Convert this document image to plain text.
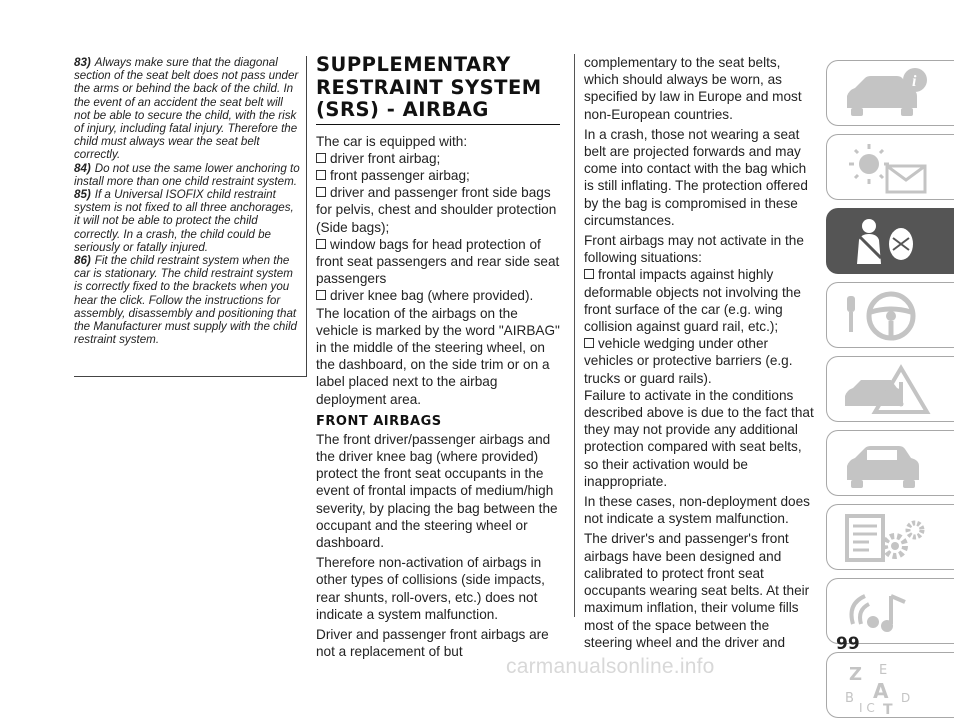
83) Always make sure that the diagonal section of the seat belt does not pass under the arms or behind the back of the child. In the event of an accident the seat belt will not be able to secure the child, with the risk of injury, including fatal injury. Therefore the child must always wear the seat belt correctly.

84) Do not use the same lower anchoring to install more than one child restraint system.

85) If a Universal ISOFIX child restraint system is not fixed to all three anchorages, it will not be able to protect the child correctly. In a crash, the child could be seriously or fatally injured.

86) Fit the child restraint system when the car is stationary. The child restraint system is correctly fixed to the brackets when you hear the click. Follow the instructions for assembly, disassembly and positioning that the Manufacturer must supply with the child restraint system.

SUPPLEMENTARY
RESTRAINT SYSTEM
(SRS) - AIRBAG

The car is equipped with:

driver front airbag;
front passenger airbag;
driver and passenger front side bags for pelvis, chest and shoulder protection (Side bags);
window bags for head protection of front seat passengers and rear side seat passengers
driver knee bag (where provided).

The location of the airbags on the vehicle is marked by the word "AIRBAG" in the middle of the steering wheel, on the dashboard, on the side trim or on a label placed next to the airbag deployment area.

FRONT AIRBAGS

The front driver/passenger airbags and the driver knee bag (where provided) protect the front seat occupants in the event of frontal impacts of medium/high severity, by placing the bag between the occupant and the steering wheel or dashboard.

Therefore non-activation of airbags in other types of collisions (side impacts, rear shunts, roll-overs, etc.) does not indicate a system malfunction.

Driver and passenger front airbags are not a replacement of but

complementary to the seat belts, which should always be worn, as specified by law in Europe and most non-European countries.

In a crash, those not wearing a seat belt are projected forwards and may come into contact with the bag which is still inflating. The protection offered by the bag is compromised in these circumstances.

Front airbags may not activate in the following situations:

frontal impacts against highly deformable objects not involving the front surface of the car (e.g. wing collision against guard rail, etc.);
vehicle wedging under other vehicles or protective barriers (e.g. trucks or guard rails).

Failure to activate in the conditions described above is due to the fact that they may not provide any additional protection compared with seat belts, so their activation would be inappropriate.

In these cases, non-deployment does not indicate a system malfunction.

The driver's and passenger's front airbags have been designed and calibrated to protect front seat occupants wearing seat belts. At their maximum inflation, their volume fills most of the space between the steering wheel and the driver and

i
Z E
B A
I C T
D
99
carmanualsonline.info
